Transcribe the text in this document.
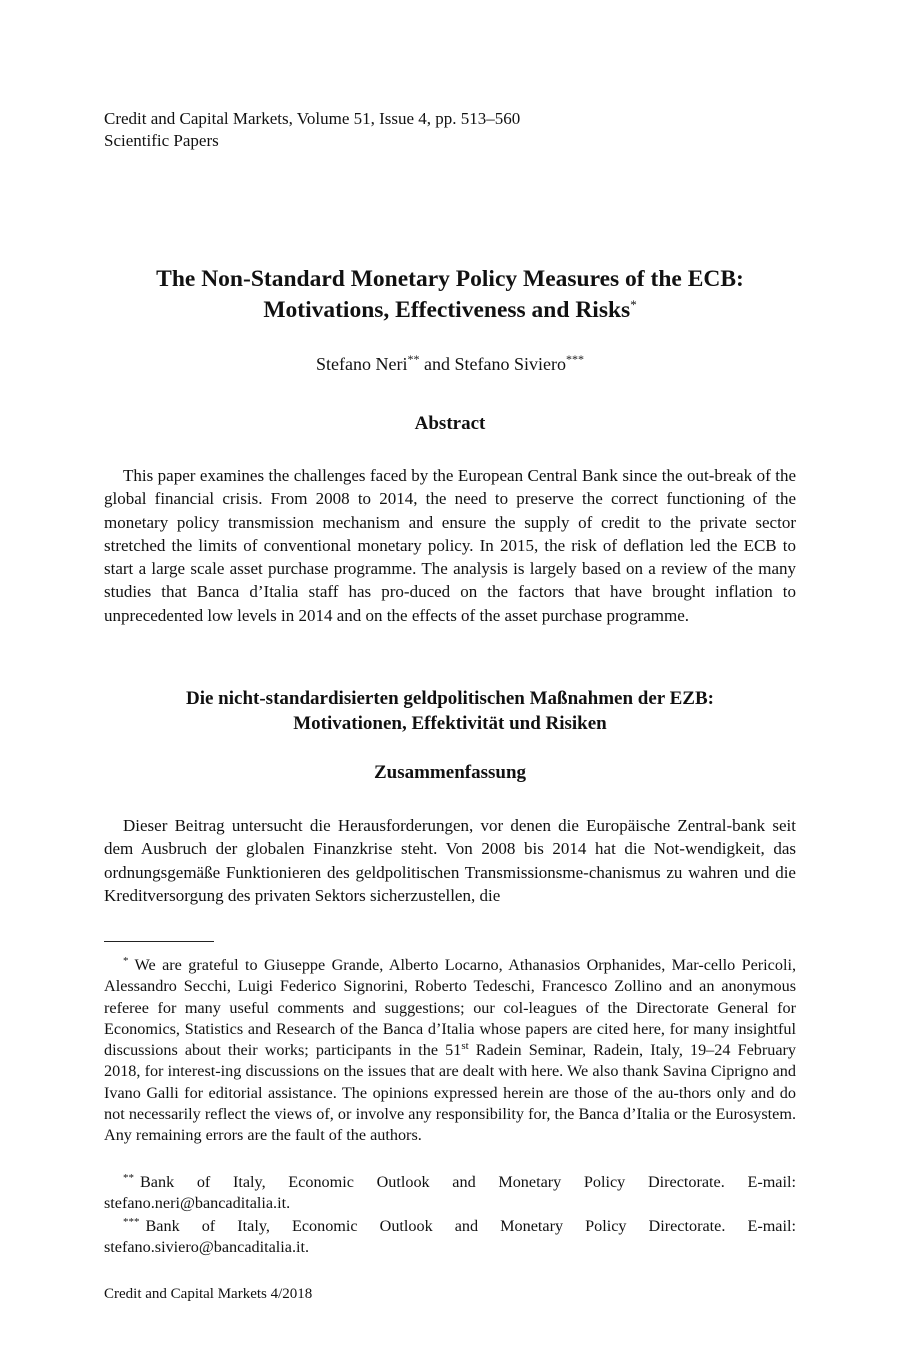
Credit and Capital Markets, Volume 51, Issue 4, pp. 513–560
Scientific Papers
The Non-Standard Monetary Policy Measures of the ECB:
Motivations, Effectiveness and Risks*
Stefano Neri** and Stefano Siviero***
Abstract
This paper examines the challenges faced by the European Central Bank since the out-break of the global financial crisis. From 2008 to 2014, the need to preserve the correct functioning of the monetary policy transmission mechanism and ensure the supply of credit to the private sector stretched the limits of conventional monetary policy. In 2015, the risk of deflation led the ECB to start a large scale asset purchase programme. The analysis is largely based on a review of the many studies that Banca d’Italia staff has pro-duced on the factors that have brought inflation to unprecedented low levels in 2014 and on the effects of the asset purchase programme.
Die nicht-standardisierten geldpolitischen Maßnahmen der EZB:
Motivationen, Effektivität und Risiken
Zusammenfassung
Dieser Beitrag untersucht die Herausforderungen, vor denen die Europäische Zentral-bank seit dem Ausbruch der globalen Finanzkrise steht. Von 2008 bis 2014 hat die Not-wendigkeit, das ordnungsgemäße Funktionieren des geldpolitischen Transmissionsme-chanismus zu wahren und die Kreditversorgung des privaten Sektors sicherzustellen, die
* We are grateful to Giuseppe Grande, Alberto Locarno, Athanasios Orphanides, Mar-cello Pericoli, Alessandro Secchi, Luigi Federico Signorini, Roberto Tedeschi, Francesco Zollino and an anonymous referee for many useful comments and suggestions; our col-leagues of the Directorate General for Economics, Statistics and Research of the Banca d’Italia whose papers are cited here, for many insightful discussions about their works; participants in the 51st Radein Seminar, Radein, Italy, 19–24 February 2018, for interest-ing discussions on the issues that are dealt with here. We also thank Savina Ciprigno and Ivano Galli for editorial assistance. The opinions expressed herein are those of the au-thors only and do not necessarily reflect the views of, or involve any responsibility for, the Banca d’Italia or the Eurosystem. Any remaining errors are the fault of the authors.
** Bank of Italy, Economic Outlook and Monetary Policy Directorate. E-mail: stefano.neri@bancaditalia.it.
*** Bank of Italy, Economic Outlook and Monetary Policy Directorate. E-mail: stefano.siviero@bancaditalia.it.
Credit and Capital Markets 4/2018
